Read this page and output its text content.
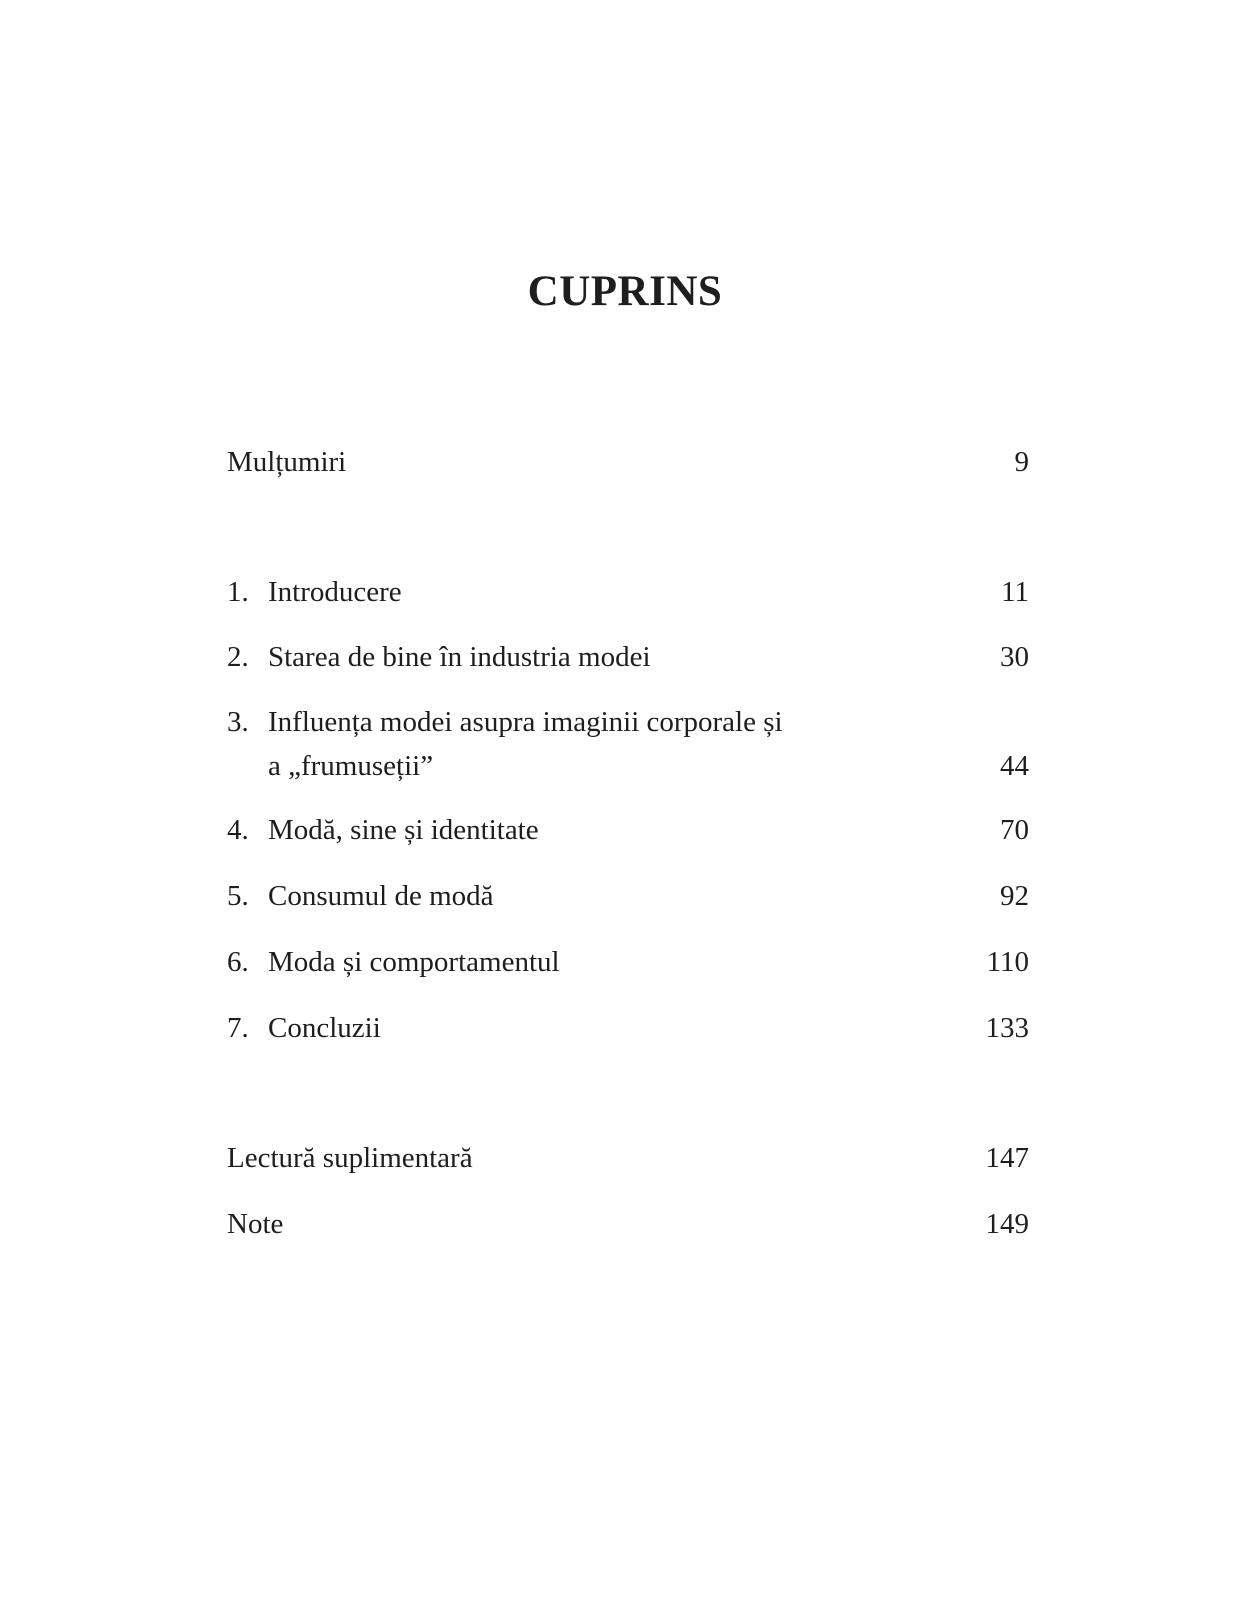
CUPRINS
Mulțumiri	9
1. Introducere	11
2. Starea de bine în industria modei	30
3. Influența modei asupra imaginii corporale și
a „frumuseții”	44
4. Modă, sine și identitate	70
5. Consumul de modă	92
6. Moda și comportamentul	110
7. Concluzii	133
Lectură suplimentară	147
Note	149
